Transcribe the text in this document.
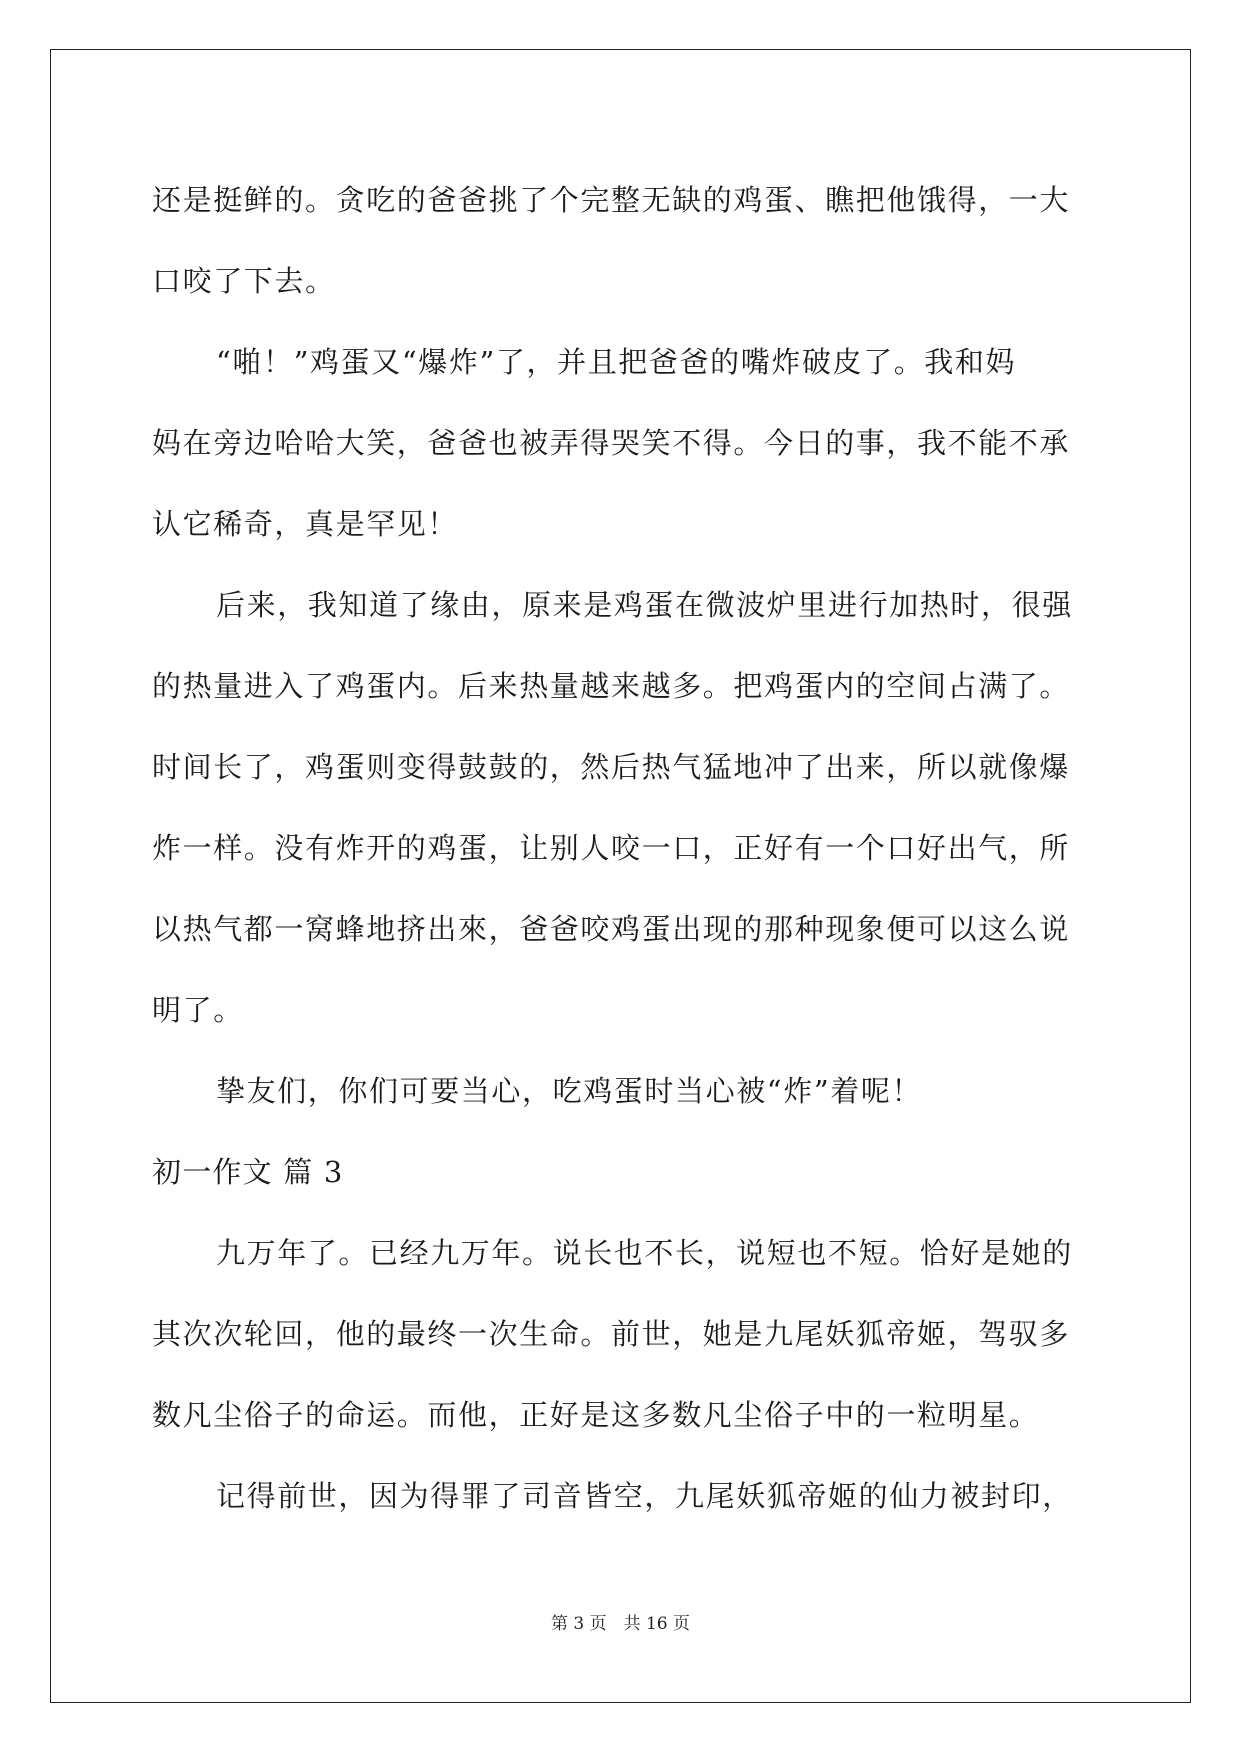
还是挺鲜的。贪吃的爸爸挑了个完整无缺的鸡蛋、瞧把他饿得，一大
口咬了下去。
“啪！”鸡蛋又“爆炸”了，并且把爸爸的嘴炸破皮了。我和妈
妈在旁边哈哈大笑，爸爸也被弄得哭笑不得。今日的事，我不能不承
认它稀奇，真是罕见！
后来，我知道了缘由，原来是鸡蛋在微波炉里进行加热时，很强
的热量进入了鸡蛋内。后来热量越来越多。把鸡蛋内的空间占满了。
时间长了，鸡蛋则变得鼓鼓的，然后热气猛地冲了出来，所以就像爆
炸一样。没有炸开的鸡蛋，让别人咬一口，正好有一个口好出气，所
以热气都一窝蜂地挤出來，爸爸咬鸡蛋出现的那种现象便可以这么说
明了。
挚友们，你们可要当心，吃鸡蛋时当心被“炸”着呢！
初一作文 篇 3
九万年了。已经九万年。说长也不长，说短也不短。恰好是她的
其次次轮回，他的最终一次生命。前世，她是九尾妖狐帝姬，驾驭多
数凡尘俗子的命运。而他，正好是这多数凡尘俗子中的一粒明星。
记得前世，因为得罪了司音皆空，九尾妖狐帝姬的仙力被封印，
第 3 页　共 16 页
